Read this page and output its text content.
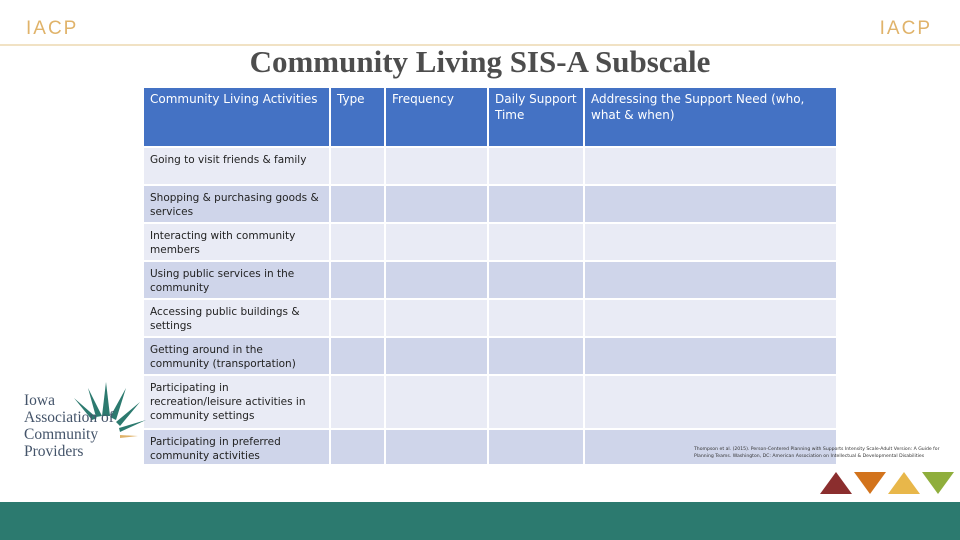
IACP	IACP
Community Living SIS-A Subscale
Community Living Activities	Type	Frequency	Daily Support Time	Addressing the Support Need (who, what & when)
Going to visit friends & family				
Shopping & purchasing goods & services				
Interacting with community members				
Using public services in the community				
Accessing public buildings & settings				
Getting around in the community (transportation)				
Participating in recreation/leisure activities in community settings				
Participating in preferred community activities				
Iowa
Association of
Community
Providers	Thompson et al. (2015). Person-Centered Planning with Supports Intensity Scale-Adult Version: A Guide for Planning Teams. Washington, DC: American Association on Intellectual & Developmental Disabilities
